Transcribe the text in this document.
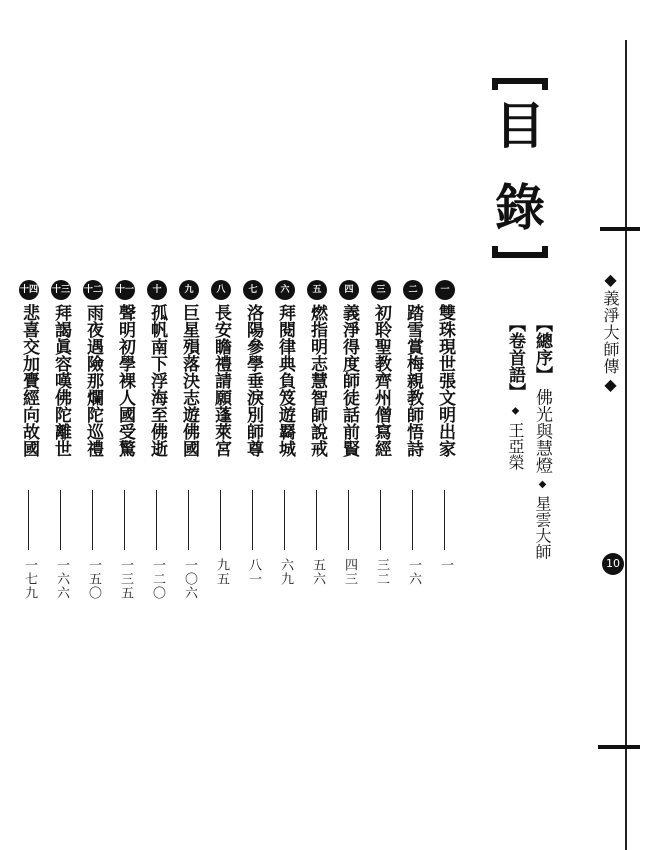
◆義淨大師傳◆
10
目
錄
【總序】 佛光與慧燈 ◆ 星雲大師
【卷首語】 ◆ 王亞榮
一
雙珠現世張文明出家
一
二
踏雪賞梅親教師悟詩
一六
三
初聆聖教齊州僧寫經
三二
四
義淨得度師徒話前賢
四三
五
燃指明志慧智師說戒
五六
六
拜閱律典負笈遊羇城
六九
七
洛陽參學垂淚別師尊
八一
八
長安瞻禮請願蓬萊宮
九五
九
巨星殞落決志遊佛國
一〇六
十
孤帆南下浮海至佛逝
一二〇
十一
聲明初學裸人國受驚
一三五
十二
雨夜遇險那爛陀巡禮
一五〇
十三
拜謁眞容嘆佛陀離世
一六六
十四
悲喜交加賷經向故國
一七九
